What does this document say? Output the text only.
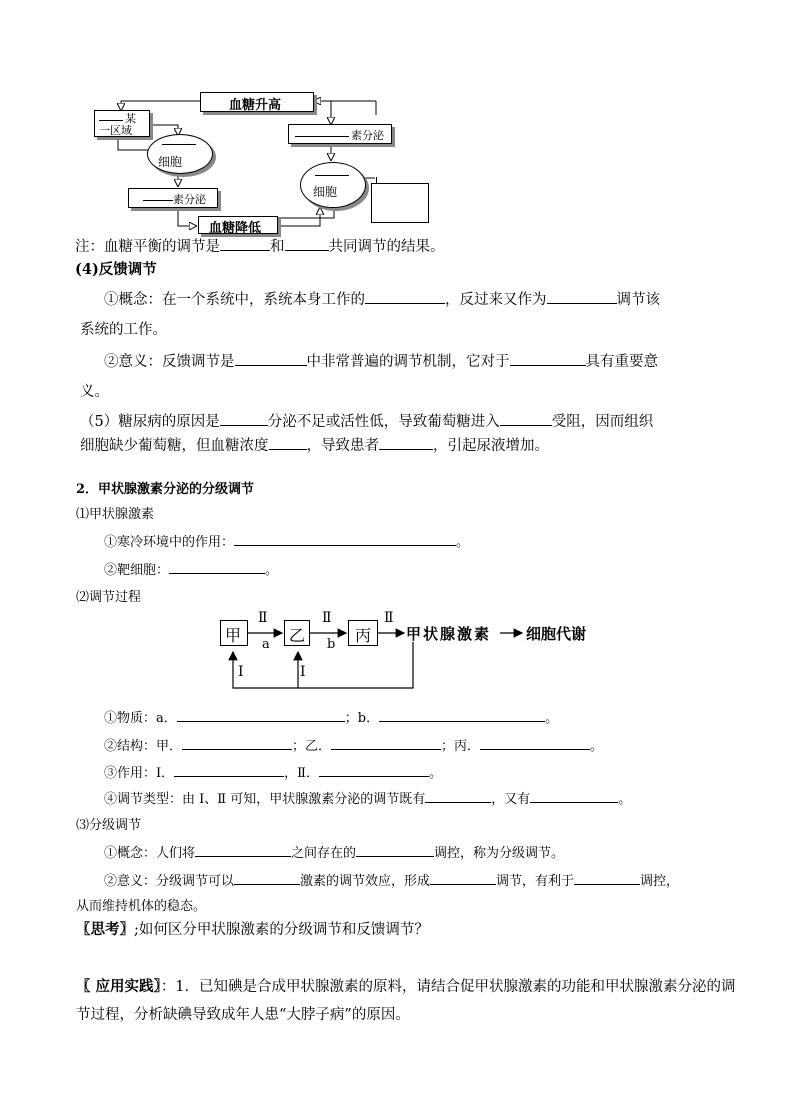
血糖升高
某
一区域	素分泌
细胞
细胞
素分泌
血糖降低
注：血糖平衡的调节是	和	共同调节的结果。
(4)反馈调节
①概念：在一个系统中，系统本身工作的	，反过来又作为	调节该
系统的工作。
②意义：反馈调节是	中非常普遍的调节机制，它对于	具有重要意
义。
（5）糖尿病的原因是	分泌不足或活性低，导致葡萄糖进入	受阻，因而组织
细胞缺少葡萄糖，但血糖浓度	，导致患者	，引起尿液增加。
2．甲状腺激素分泌的分级调节
⑴甲状腺激素
①寒冷环境中的作用：	。
②靶细胞：	。
⑵调节过程
甲	乙	丙
Ⅱ	Ⅱ	Ⅱ
a	b
Ⅰ	Ⅰ
甲状腺激素 细胞代谢
①物质：a．	；b．	。
②结构：甲．	；乙．	；丙．	。
③作用：Ⅰ．	，Ⅱ．	。
④调节类型：由 Ⅰ、Ⅱ 可知，甲状腺激素分泌的调节既有	，又有	。
⑶分级调节
①概念：人们将	之间存在的	调控，称为分级调节。
②意义：分级调节可以	激素的调节效应，形成	调节，有利于	调控，
从而维持机体的稳态。
〖思考〗;如何区分甲状腺激素的分级调节和反馈调节？
〖 应用实践〗：1．已知碘是合成甲状腺激素的原料，请结合促甲状腺激素的功能和甲状腺激素分泌的调
节过程，分析缺碘导致成年人患“大脖子病”的原因。
